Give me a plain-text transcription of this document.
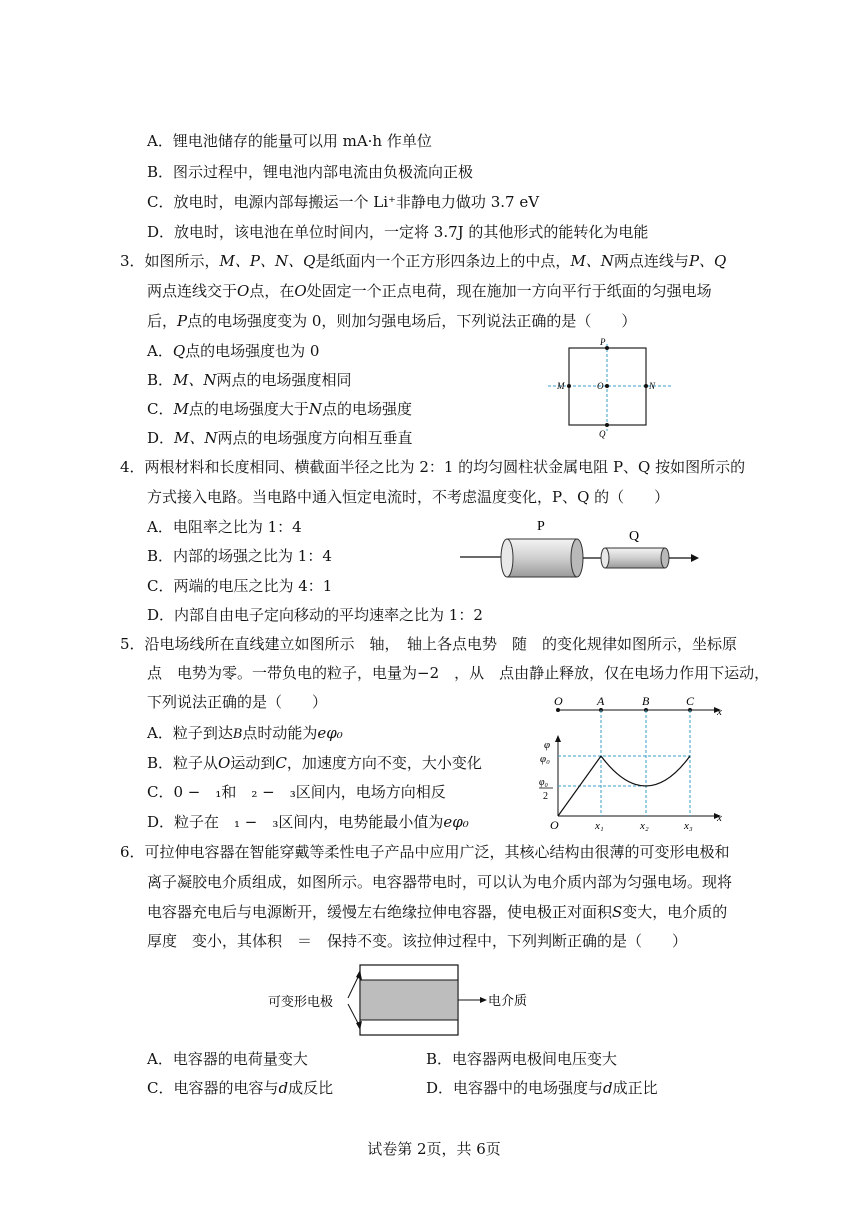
A．锂电池储存的能量可以用 mA·h 作单位
B．图示过程中，锂电池内部电流由负极流向正极
C．放电时，电源内部每搬运一个 Li⁺非静电力做功 3.7 eV
D．放电时，该电池在单位时间内，一定将 3.7J 的其他形式的能转化为电能
3．如图所示，M、P、N、Q是纸面内一个正方形四条边上的中点，M、N两点连线与P、Q
两点连线交于O点，在O处固定一个正点电荷，现在施加一方向平行于纸面的匀强电场
后，P点的电场强度变为 0，则加匀强电场后，下列说法正确的是（　　）
A．Q点的电场强度也为 0
B．M、N两点的电场强度相同
C．M点的电场强度大于N点的电场强度
D．M、N两点的电场强度方向相互垂直
P
M	O	N
Q
4．两根材料和长度相同、横截面半径之比为 2：1 的均匀圆柱状金属电阻 P、Q 按如图所示的
方式接入电路。当电路中通入恒定电流时，不考虑温度变化，P、Q 的（　　）
A．电阻率之比为 1：4
B．内部的场强之比为 1：4
C．两端的电压之比为 4：1
D．内部自由电子定向移动的平均速率之比为 1：2
P
Q
5．沿电场线所在直线建立如图所示　轴，　轴上各点电势　随　的变化规律如图所示，坐标原
点　电势为零。一带负电的粒子，电量为−2　，从　点由静止释放，仅在电场力作用下运动，
下列说法正确的是（　　）
A．粒子到达B点时动能为eφ₀
B．粒子从O运动到C，加速度方向不变，大小变化
C．0 −　₁和　₂ −　₃区间内，电场方向相反
D．粒子在　₁ −　₃区间内，电势能最小值为eφ₀
O	A	B	C
x
φ
φ₀
φ₀
2
O	x₁	x₂	x₃
x
6．可拉伸电容器在智能穿戴等柔性电子产品中应用广泛，其核心结构由很薄的可变形电极和
离子凝胶电介质组成，如图所示。电容器带电时，可以认为电介质内部为匀强电场。现将
电容器充电后与电源断开，缓慢左右绝缘拉伸电容器，使电极正对面积S变大，电介质的
厚度　变小，其体积　＝　保持不变。该拉伸过程中，下列判断正确的是（　　）
可变形电极	电介质
A．电容器的电荷量变大	B．电容器两电极间电压变大
C．电容器的电容与d成反比	D．电容器中的电场强度与d成正比
试卷第 2页，共 6页
